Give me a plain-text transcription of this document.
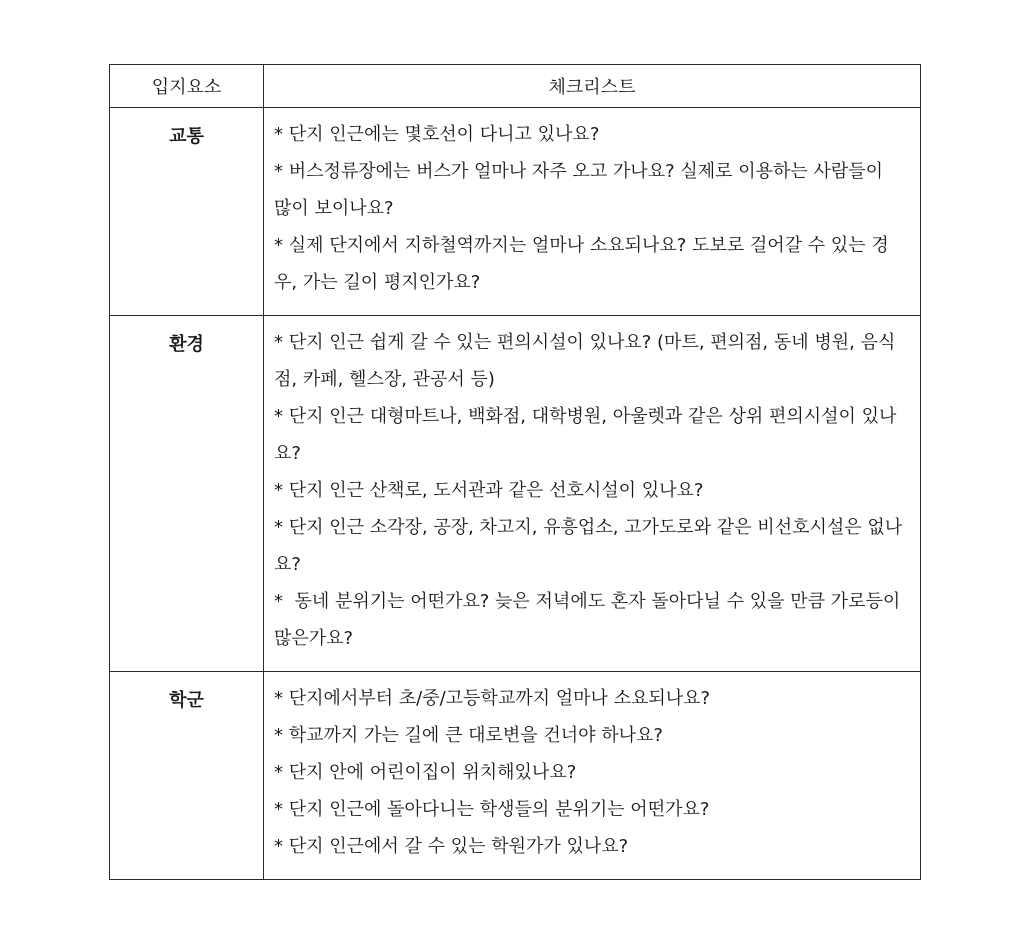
입지요소	체크리스트
교통	* 단지 인근에는 몇호선이 다니고 있나요?

* 버스정류장에는 버스가 얼마나 자주 오고 가나요? 실제로 이용하는 사람들이 많이 보이나요?

* 실제 단지에서 지하철역까지는 얼마나 소요되나요? 도보로 걸어갈 수 있는 경우, 가는 길이 평지인가요?

환경	* 단지 인근 쉽게 갈 수 있는 편의시설이 있나요? (마트, 편의점, 동네 병원, 음식점, 카페, 헬스장, 관공서 등)

* 단지 인근 대형마트나, 백화점, 대학병원, 아울렛과 같은 상위 편의시설이 있나요?

* 단지 인근 산책로, 도서관과 같은 선호시설이 있나요?

* 단지 인근 소각장, 공장, 차고지, 유흥업소, 고가도로와 같은 비선호시설은 없나요?

*  동네 분위기는 어떤가요? 늦은 저녁에도 혼자 돌아다닐 수 있을 만큼 가로등이 많은가요?

학군	* 단지에서부터 초/중/고등학교까지 얼마나 소요되나요?

* 학교까지 가는 길에 큰 대로변을 건너야 하나요?

* 단지 안에 어린이집이 위치해있나요?

* 단지 인근에 돌아다니는 학생들의 분위기는 어떤가요?

* 단지 인근에서 갈 수 있는 학원가가 있나요?
